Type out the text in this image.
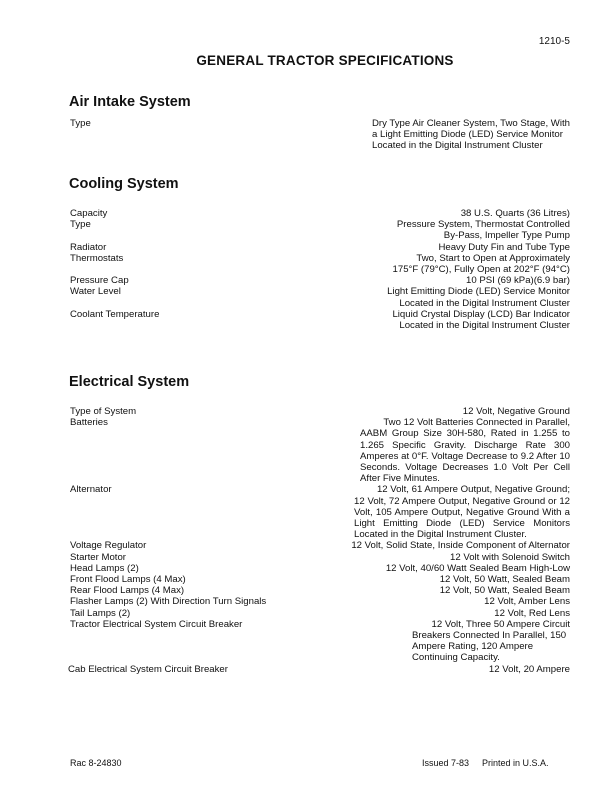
1210-5
GENERAL TRACTOR SPECIFICATIONS
Air Intake System
Type	Dry Type Air Cleaner System, Two Stage, With a Light Emitting Diode (LED) Service Monitor Located in the Digital Instrument Cluster
Cooling System
Capacity	38 U.S. Quarts (36 Litres)
Type	Pressure System, Thermostat Controlled
By-Pass, Impeller Type Pump
Radiator	Heavy Duty Fin and Tube Type
Thermostats	Two, Start to Open at Approximately
175°F (79°C), Fully Open at 202°F (94°C)
Pressure Cap	10 PSI (69 kPa)(6.9 bar)
Water Level	Light Emitting Diode (LED) Service Monitor
Located in the Digital Instrument Cluster
Coolant Temperature	Liquid Crystal Display (LCD) Bar Indicator
Located in the Digital Instrument Cluster
Electrical System
Type of System	12 Volt, Negative Ground
Batteries	Two 12 Volt Batteries Connected in Parallel,
AABM Group Size 30H-580, Rated in 1.255 to 1.265 Specific Gravity. Discharge Rate 300 Amperes at 0°F. Voltage Decrease to 9.2 After 10 Seconds. Voltage Decreases 1.0 Volt Per Cell After Five Minutes.
Alternator	12 Volt, 61 Ampere Output, Negative Ground;
12 Volt, 72 Ampere Output, Negative Ground or 12 Volt, 105 Ampere Output, Negative Ground With a Light Emitting Diode (LED) Service Monitors Located in the Digital Instrument Cluster.
Voltage Regulator	12 Volt, Solid State, Inside Component of Alternator
Starter Motor	12 Volt with Solenoid Switch
Head Lamps (2)	12 Volt, 40/60 Watt Sealed Beam High-Low
Front Flood Lamps (4 Max)	12 Volt, 50 Watt, Sealed Beam
Rear Flood Lamps (4 Max)	12 Volt, 50 Watt, Sealed Beam
Flasher Lamps (2) With Direction Turn Signals	12 Volt, Amber Lens
Tail Lamps (2)	12 Volt, Red Lens
Tractor Electrical System Circuit Breaker	12 Volt, Three 50 Ampere Circuit
Breakers Connected In Parallel, 150 Ampere Rating, 120 Ampere Continuing Capacity.
Cab Electrical System Circuit Breaker	12 Volt, 20 Ampere
Rac 8-24830	Issued 7-83 Printed in U.S.A.
